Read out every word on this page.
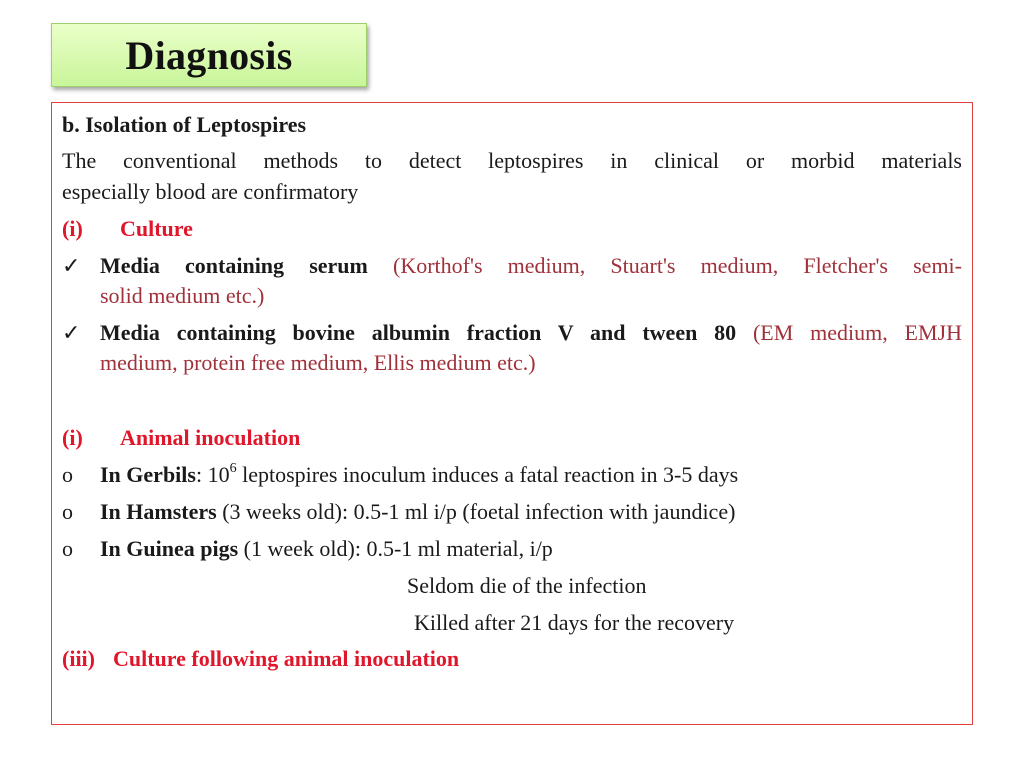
Diagnosis
b. Isolation of Leptospires
The conventional methods to detect leptospires in clinical or morbid materials
especially blood are confirmatory
(i) Culture
✓ Media containing serum (Korthof's medium, Stuart's medium, Fletcher's semi-
solid medium etc.)
✓ Media containing bovine albumin fraction V and tween 80 (EM medium, EMJH
medium, protein free medium, Ellis medium etc.)
(i) Animal inoculation
o In Gerbils: $10^6$ leptospires inoculum induces a fatal reaction in 3-5 days
o In Hamsters (3 weeks old): 0.5-1 ml i/p (foetal infection with jaundice)
o In Guinea pigs (1 week old): 0.5-1 ml material, i/p
Seldom die of the infection
Killed after 21 days for the recovery
(iii) Culture following animal inoculation
